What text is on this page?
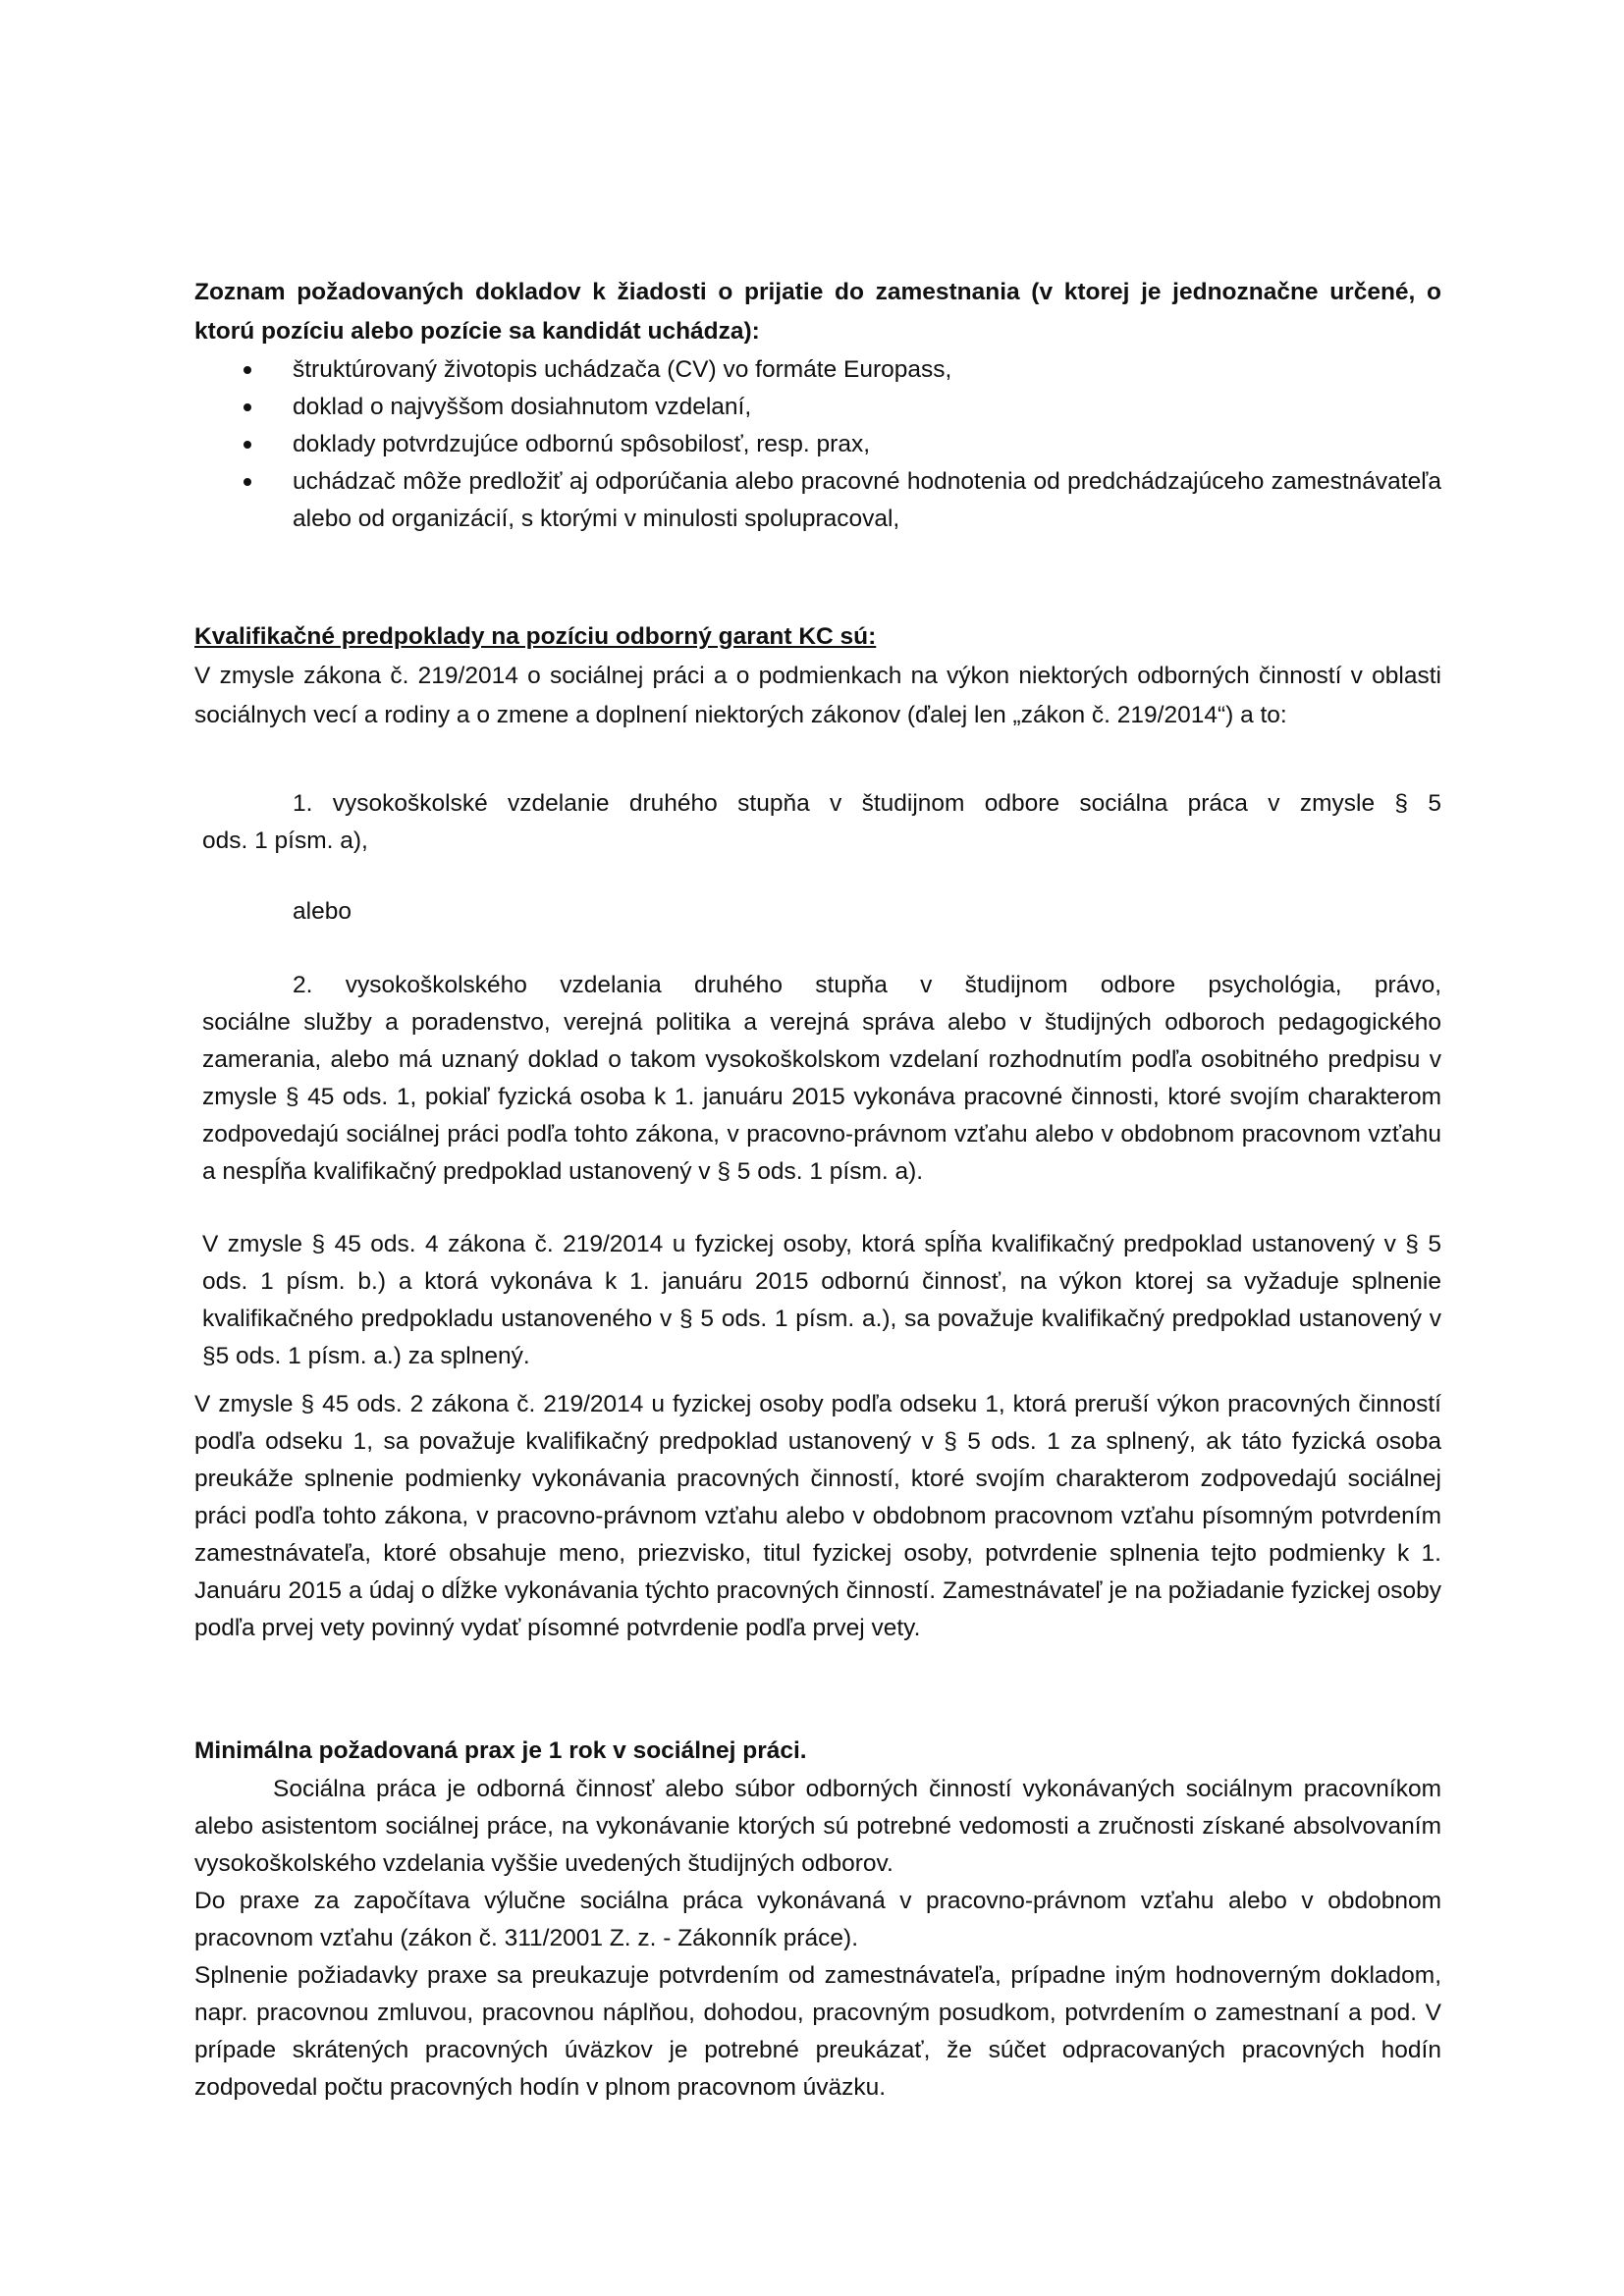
Zoznam požadovaných dokladov k žiadosti o prijatie do zamestnania (v ktorej je jednoznačne určené, o ktorú pozíciu alebo pozície sa kandidát uchádza):
štruktúrovaný životopis uchádzača (CV) vo formáte Europass,
doklad o najvyššom dosiahnutom vzdelaní,
doklady potvrdzujúce odbornú spôsobilosť, resp. prax,
uchádzač môže predložiť aj odporúčania alebo pracovné hodnotenia od predchádzajúceho zamestnávateľa alebo od organizácií, s ktorými v minulosti spolupracoval,
Kvalifikačné predpoklady na pozíciu odborný garant KC sú:
V zmysle zákona č. 219/2014 o sociálnej práci a o podmienkach na výkon niektorých odborných činností v oblasti sociálnych vecí a rodiny a o zmene a doplnení niektorých zákonov (ďalej len „zákon č. 219/2014“) a to:
1. vysokoškolské vzdelanie druhého stupňa v študijnom odbore sociálna práca v zmysle § 5
ods. 1 písm. a),
alebo
2. vysokoškolského vzdelania druhého stupňa v študijnom odbore psychológia, právo,
sociálne služby a poradenstvo, verejná politika a verejná správa alebo v študijných odboroch pedagogického zamerania, alebo má uznaný doklad o takom vysokoškolskom vzdelaní rozhodnutím podľa osobitného predpisu v zmysle § 45 ods. 1, pokiaľ fyzická osoba k 1. januáru 2015 vykonáva pracovné činnosti, ktoré svojím charakterom zodpovedajú sociálnej práci podľa tohto zákona, v pracovno-právnom vzťahu alebo v obdobnom pracovnom vzťahu a nespĺňa kvalifikačný predpoklad ustanovený v § 5 ods. 1 písm. a).
V zmysle § 45 ods. 4 zákona č. 219/2014 u fyzickej osoby, ktorá spĺňa kvalifikačný predpoklad ustanovený v § 5 ods. 1 písm. b.) a ktorá vykonáva k 1. januáru 2015 odbornú činnosť, na výkon ktorej sa vyžaduje splnenie kvalifikačného predpokladu ustanoveného v § 5 ods. 1 písm. a.), sa považuje kvalifikačný predpoklad ustanovený v §5 ods. 1 písm. a.) za splnený.
V zmysle § 45 ods. 2 zákona č. 219/2014 u fyzickej osoby podľa odseku 1, ktorá preruší výkon pracovných činností podľa odseku 1, sa považuje kvalifikačný predpoklad ustanovený v § 5 ods. 1 za splnený, ak táto fyzická osoba preukáže splnenie podmienky vykonávania pracovných činností, ktoré svojím charakterom zodpovedajú sociálnej práci podľa tohto zákona, v pracovno-právnom vzťahu alebo v obdobnom pracovnom vzťahu písomným potvrdením zamestnávateľa, ktoré obsahuje meno, priezvisko, titul fyzickej osoby, potvrdenie splnenia tejto podmienky k 1. Januáru 2015 a údaj o dĺžke vykonávania týchto pracovných činností. Zamestnávateľ je na požiadanie fyzickej osoby podľa prvej vety povinný vydať písomné potvrdenie podľa prvej vety.
Minimálna požadovaná prax je 1 rok v sociálnej práci.
Sociálna práca je odborná činnosť alebo súbor odborných činností vykonávaných sociálnym pracovníkom alebo asistentom sociálnej práce, na vykonávanie ktorých sú potrebné vedomosti a zručnosti získané absolvovaním vysokoškolského vzdelania vyššie uvedených študijných odborov.
Do praxe za započítava výlučne sociálna práca vykonávaná v pracovno-právnom vzťahu alebo v obdobnom pracovnom vzťahu (zákon č. 311/2001 Z. z. - Zákonník práce).
Splnenie požiadavky praxe sa preukazuje potvrdením od zamestnávateľa, prípadne iným hodnoverným dokladom, napr. pracovnou zmluvou, pracovnou náplňou, dohodou, pracovným posudkom, potvrdením o zamestnaní a pod. V prípade skrátených pracovných úväzkov je potrebné preukázať, že súčet odpracovaných pracovných hodín zodpovedal počtu pracovných hodín v plnom pracovnom úväzku.
